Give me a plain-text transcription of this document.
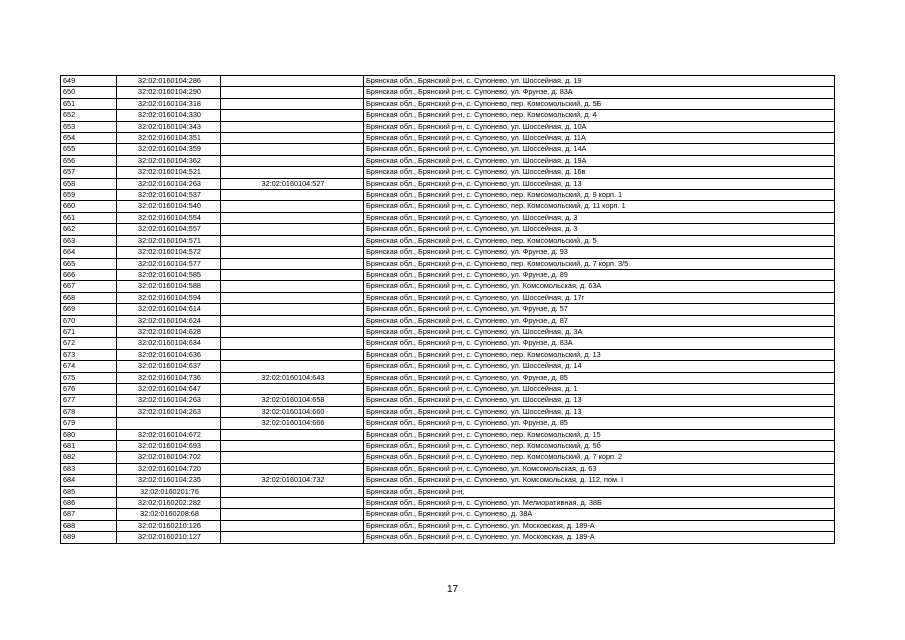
649	32:02:0160104:286		Брянская обл., Брянский р-н, с. Супонево, ул. Шоссейная, д. 19
650	32:02:0160104:290		Брянская обл., Брянский р-н, с. Супонево, ул. Фрунзе, д. 83А
651	32:02:0160104:318		Брянская обл., Брянский р-н, с. Супонево, пер. Комсомольский, д. 5Б
652	32:02:0160104:330		Брянская обл., Брянский р-н, с. Супонево, пер. Комсомольский, д. 4
653	32:02:0160104:343		Брянская обл., Брянский р-н, с. Супонево, ул. Шоссейная, д. 10А
654	32:02:0160104:351		Брянская обл., Брянский р-н, с. Супонево, ул. Шоссейная, д. 11А
655	32:02:0160104:359		Брянская обл., Брянский р-н, с. Супонево, ул. Шоссейная, д. 14А
656	32:02:0160104:362		Брянская обл., Брянский р-н, с. Супонево, ул. Шоссейная, д. 19А
657	32:02:0160104:521		Брянская обл., Брянский р-н, с. Супонево, ул. Шоссейная, д. 16в
658	32:02:0160104:263	32:02:0160104:527	Брянская обл., Брянский р-н, с. Супонево, ул. Шоссейная, д. 13
659	32:02:0160104:537		Брянская обл., Брянский р-н, с. Супонево, пер. Комсомольский, д. 9 корп. 1
660	32:02:0160104:540		Брянская обл., Брянский р-н, с. Супонево, пер. Комсомольский, д. 11 корп. 1
661	32:02:0160104:554		Брянская обл., Брянский р-н, с. Супонево, ул. Шоссейная, д. 3
662	32:02:0160104:557		Брянская обл., Брянский р-н, с. Супонево, ул. Шоссейная, д. 3
663	32:02:0160104:571		Брянская обл., Брянский р-н, с. Супонево, пер. Комсомольский, д. 5
664	32:02:0160104:572		Брянская обл., Брянский р-н, с. Супонево, ул. Фрунзе, д. 93
665	32:02:0160104:577		Брянская обл., Брянский р-н, с. Супонево, пер. Комсомольский, д. 7 корп. 3/5
666	32:02:0160104:585		Брянская обл., Брянский р-н, с. Супонево, ул. Фрунзе, д. 89
667	32:02:0160104:588		Брянская обл., Брянский р-н, с. Супонево, ул. Комсомольская, д. 63А
668	32:02:0160104:594		Брянская обл., Брянский р-н, с. Супонево, ул. Шоссейная, д. 17г
669	32:02:0160104:614		Брянская обл., Брянский р-н, с. Супонево, ул. Фрунзе, д. 57
670	32:02:0160104:624		Брянская обл., Брянский р-н, с. Супонево, ул. Фрунзе, д. 87
671	32:02:0160104:628		Брянская обл., Брянский р-н, с. Супонево, ул. Шоссейная, д. 3А
672	32:02:0160104:634		Брянская обл., Брянский р-н, с. Супонево, ул. Фрунзе, д. 83А
673	32:02:0160104:636		Брянская обл., Брянский р-н, с. Супонево, пер. Комсомольский, д. 13
674	32:02:0160104:637		Брянская обл., Брянский р-н, с. Супонево, ул. Шоссейная, д. 14
675	32:02:0160104:736	32:02:0160104:643	Брянская обл., Брянский р-н, с. Супонево, ул. Фрунзе, д. 85
676	32:02:0160104:647		Брянская обл., Брянский р-н, с. Супонево, ул. Шоссейная, д. 1
677	32:02:0160104:263	32:02:0160104:658	Брянская обл., Брянский р-н, с. Супонево, ул. Шоссейная, д. 13
678	32:02:0160104:263	32:02:0160104:660	Брянская обл., Брянский р-н, с. Супонево, ул. Шоссейная, д. 13
679		32:02:0160104:666	Брянская обл., Брянский р-н, с. Супонево, ул. Фрунзе, д. 85
680	32:02:0160104:672		Брянская обл., Брянский р-н, с. Супонево, пер. Комсомольский, д. 15
681	32:02:0160104:693		Брянская обл., Брянский р-н, с. Супонево, пер. Комсомольский, д. 5б
682	32:02:0160104:702		Брянская обл., Брянский р-н, с. Супонево, пер. Комсомольский, д. 7 корп. 2
683	32:02:0160104:720		Брянская обл., Брянский р-н, с. Супонево, ул. Комсомольская, д. 63
684	32:02:0160104:235	32:02:0160104:732	Брянская обл., Брянский р-н, с. Супонево, ул. Комсомольская, д. 112, пом. I
685	32:02:0160201:76		Брянская обл., Брянский р-н,
686	32:02:0160202:282		Брянская обл., Брянский р-н, с. Супонево, ул. Мелиоративная, д. 38Б
687	32:02:0160208:68		Брянская обл., Брянский р-н, с. Супонево, д. 38А
688	32:02:0160210:126		Брянская обл., Брянский р-н, с. Супонево, ул. Московская, д. 189-А
689	32:02:0160210:127		Брянская обл., Брянский р-н, с. Супонево, ул. Московская, д. 189-А
17
